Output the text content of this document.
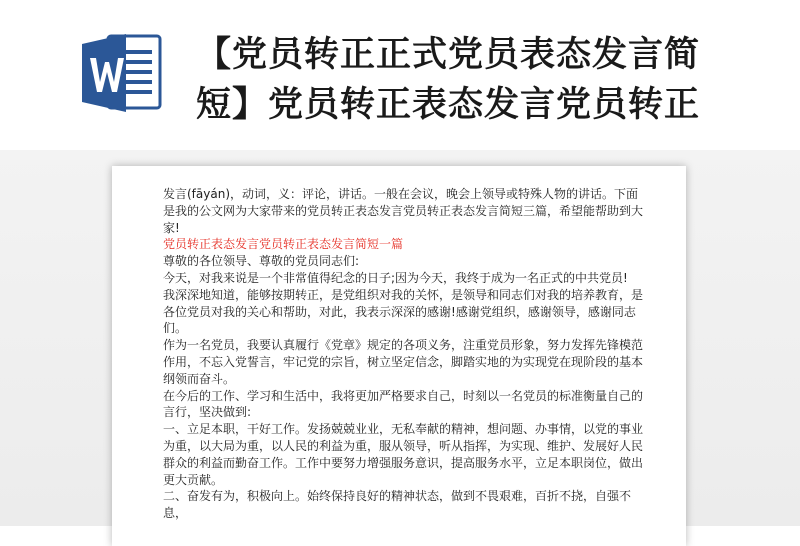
【党员转正正式党员表态发言简
短】党员转正表态发言党员转正

发言(fāyán)，动词，义：评论，讲话。一般在会议，晚会上领导或特殊人物的讲话。下面是我的公文网为大家带来的党员转正表态发言党员转正表态发言简短三篇，希望能帮助到大家!

党员转正表态发言党员转正表态发言简短一篇

尊敬的各位领导、尊敬的党员同志们:

今天，对我来说是一个非常值得纪念的日子;因为今天，我终于成为一名正式的中共党员!

我深深地知道，能够按期转正，是党组织对我的关怀，是领导和同志们对我的培养教育，是各位党员对我的关心和帮助，对此，我表示深深的感谢!感谢党组织，感谢领导，感谢同志们。

作为一名党员，我要认真履行《党章》规定的各项义务，注重党员形象，努力发挥先锋模范作用，不忘入党誓言，牢记党的宗旨，树立坚定信念，脚踏实地的为实现党在现阶段的基本纲领而奋斗。

在今后的工作、学习和生活中，我将更加严格要求自己，时刻以一名党员的标准衡量自己的言行，坚决做到:

一、立足本职，干好工作。发扬兢兢业业，无私奉献的精神，想问题、办事情，以党的事业为重，以大局为重，以人民的利益为重，服从领导，听从指挥，为实现、维护、发展好人民群众的利益而勤奋工作。工作中要努力增强服务意识，提高服务水平，立足本职岗位，做出更大贡献。

二、奋发有为，积极向上。始终保持良好的精神状态，做到不畏艰难，百折不挠，自强不息，
